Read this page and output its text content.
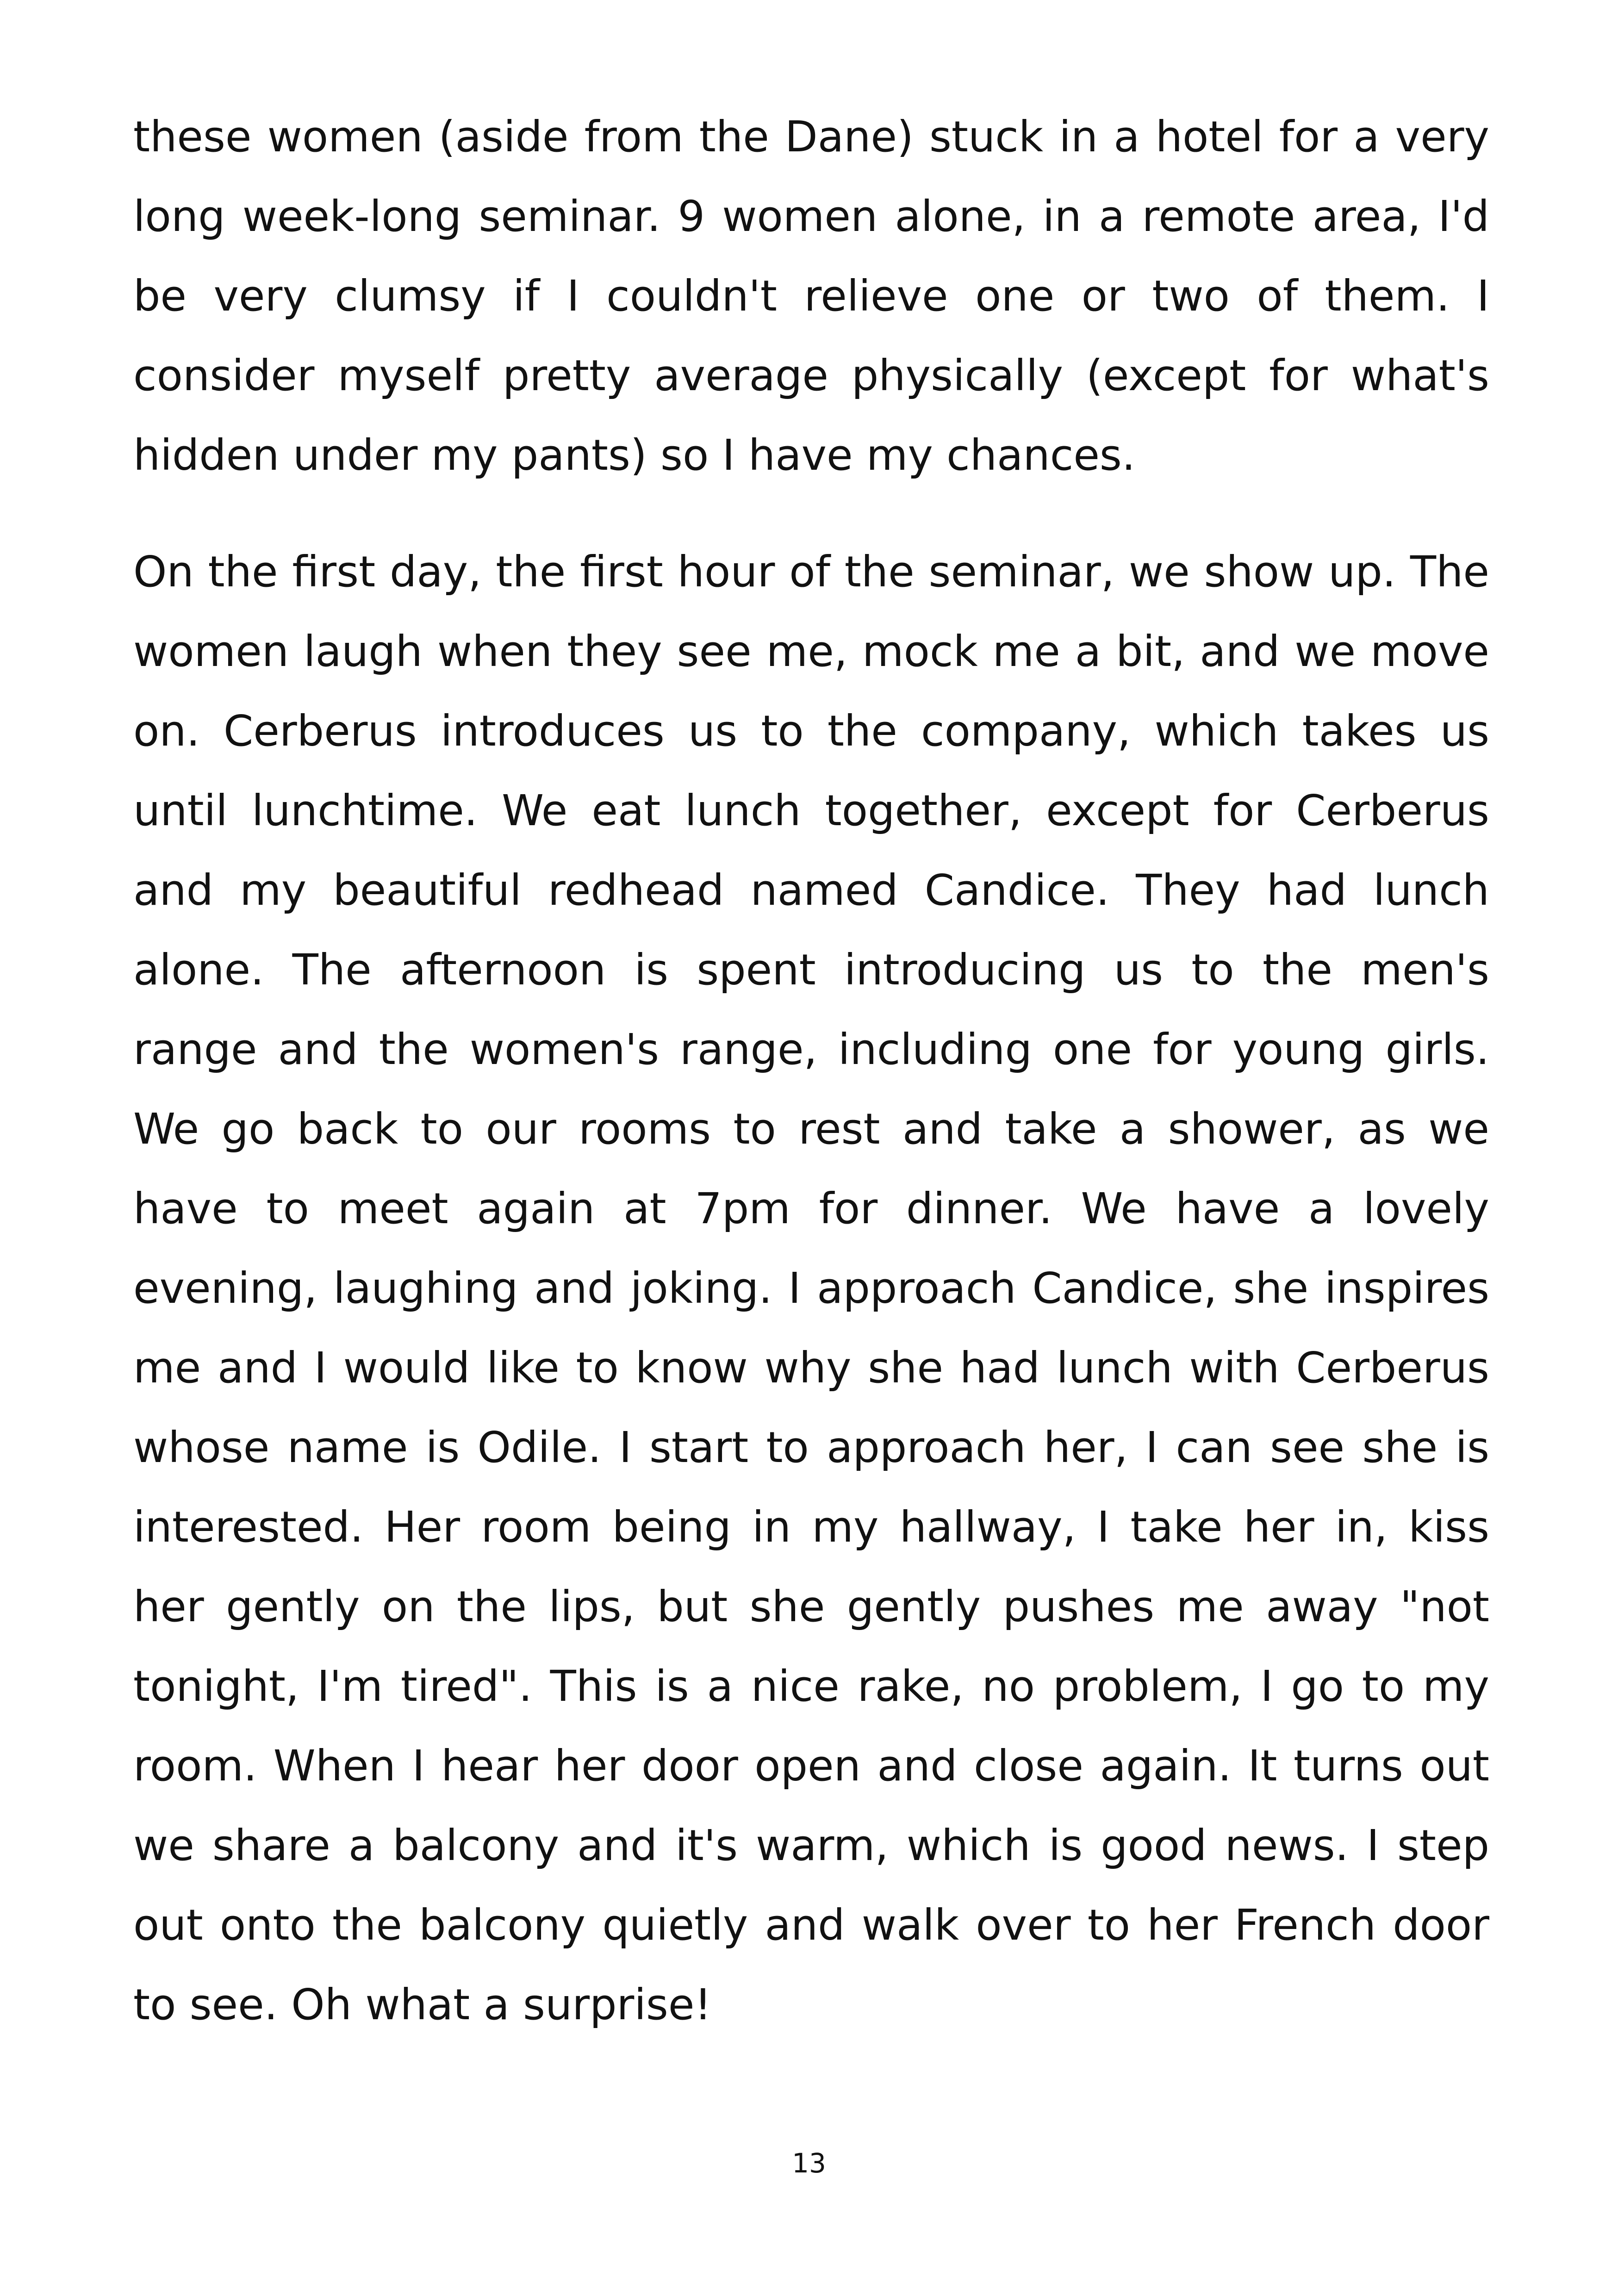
these women (aside from the Dane) stuck in a hotel for a very long week-long seminar. 9 women alone, in a remote area, I'd be very clumsy if I couldn't relieve one or two of them. I consider myself pretty average physically (except for what's hidden under my pants) so I have my chances.

On the first day, the first hour of the seminar, we show up. The women laugh when they see me, mock me a bit, and we move on. Cerberus introduces us to the company, which takes us until lunchtime. We eat lunch together, except for Cerberus and my beautiful redhead named Candice. They had lunch alone. The afternoon is spent introducing us to the men's range and the women's range, including one for young girls. We go back to our rooms to rest and take a shower, as we have to meet again at 7pm for dinner. We have a lovely evening, laughing and joking. I approach Candice, she inspires me and I would like to know why she had lunch with Cerberus whose name is Odile. I start to approach her, I can see she is interested. Her room being in my hallway, I take her in, kiss her gently on the lips, but she gently pushes me away "not tonight, I'm tired". This is a nice rake, no problem, I go to my room. When I hear her door open and close again. It turns out we share a balcony and it's warm, which is good news. I step out onto the balcony quietly and walk over to her French door to see. Oh what a surprise!

13
